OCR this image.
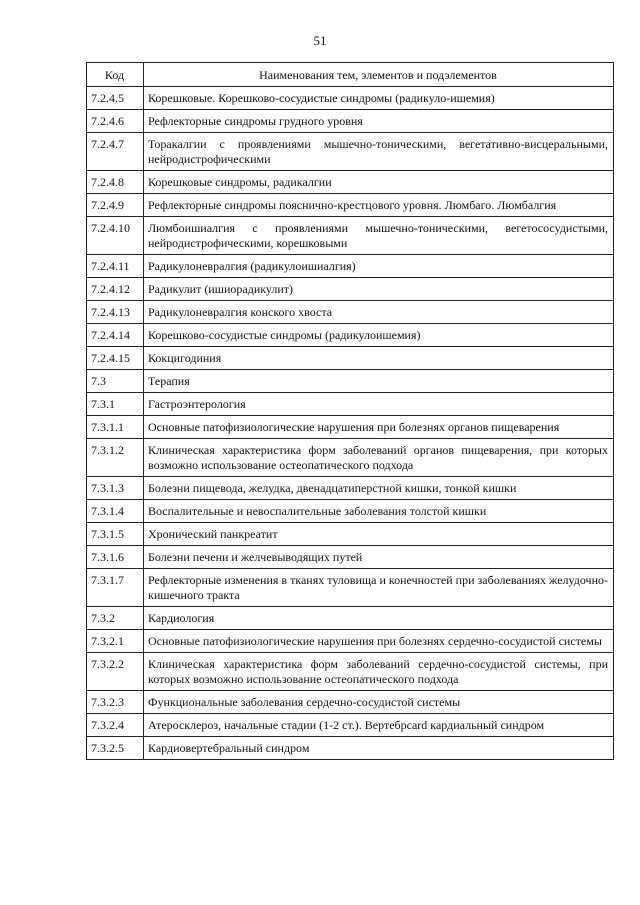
51
Код	Наименования тем, элементов и подэлементов
7.2.4.5	Корешковые. Корешково-сосудистые синдромы (радикуло-ишемия)
7.2.4.6	Рефлекторные синдромы грудного уровня
7.2.4.7	Торакалгии с проявлениями мышечно-тоническими, вегетативно-висцеральными, нейродистрофическими
7.2.4.8	Корешковые синдромы, радикалгии
7.2.4.9	Рефлекторные синдромы пояснично-крестцового уровня. Люмбаго. Люмбалгия
7.2.4.10	Люмбоишиалгия с проявлениями мышечно-тоническими, вегетососудистыми, нейродистрофическими, корешковыми
7.2.4.11	Радикулоневралгия (радикулоишиалгия)
7.2.4.12	Радикулит (ишиорадикулит)
7.2.4.13	Радикулоневралгия конского хвоста
7.2.4.14	Корешково-сосудистые синдромы (радикулоишемия)
7.2.4.15	Кокцигодиния
7.3	Терапия
7.3.1	Гастроэнтерология
7.3.1.1	Основные патофизиологические нарушения при болезнях органов пищеварения
7.3.1.2	Клиническая характеристика форм заболеваний органов пищеварения, при которых возможно использование остеопатического подхода
7.3.1.3	Болезни пищевода, желудка, двенадцатиперстной кишки, тонкой кишки
7.3.1.4	Воспалительные и невоспалительные заболевания толстой кишки
7.3.1.5	Хронический панкреатит
7.3.1.6	Болезни печени и желчевыводящих путей
7.3.1.7	Рефлекторные изменения в тканях туловища и конечностей при заболеваниях желудочно-кишечного тракта
7.3.2	Кардиология
7.3.2.1	Основные патофизиологические нарушения при болезнях сердечно-сосудистой системы
7.3.2.2	Клиническая характеристика форм заболеваний сердечно-сосудистой системы, при которых возможно использование остеопатического подхода
7.3.2.3	Функциональные заболевания сердечно-сосудистой системы
7.3.2.4	Атеросклероз, начальные стадии (1-2 ст.). Вертебрcard кардиальный синдром
7.3.2.5	Кардиовертебральный синдром
